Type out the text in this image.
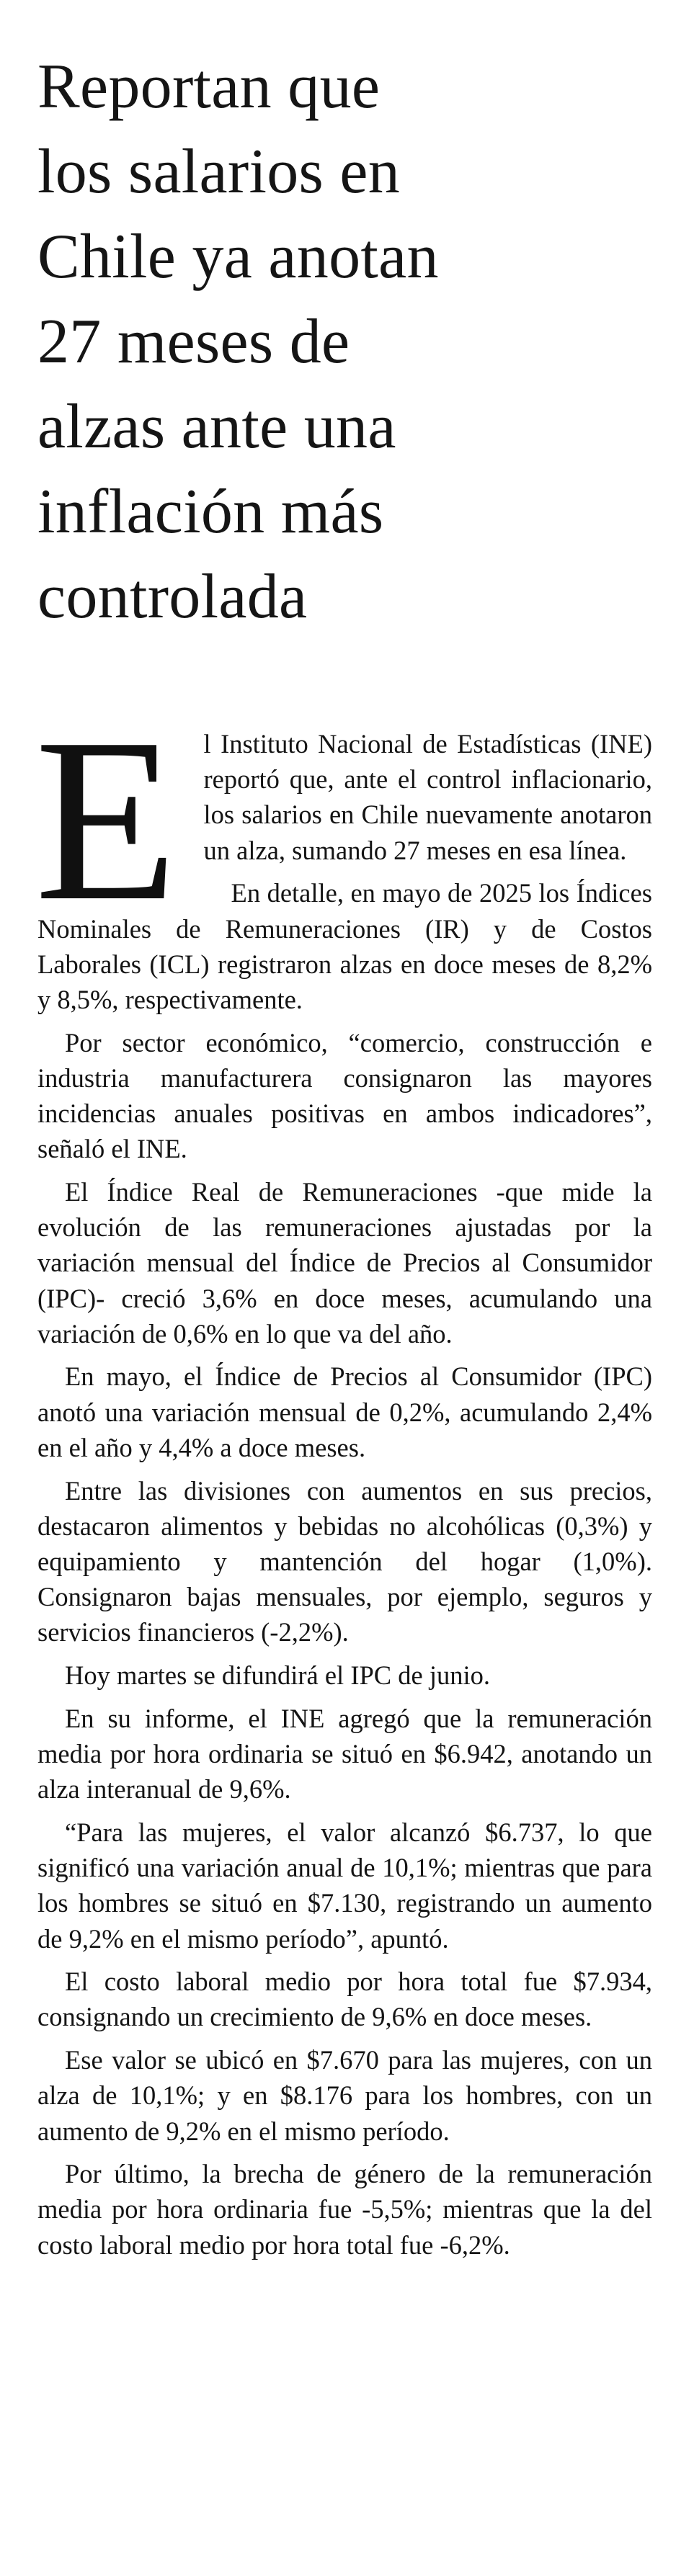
Reportan que
los salarios en
Chile ya anotan
27 meses de
alzas ante una
inflación más
controlada

El Instituto Nacional de Estadísticas (INE) reportó que, ante el control inflacionario, los salarios en Chile nuevamente anotaron un alza, sumando 27 meses en esa línea.

En detalle, en mayo de 2025 los Índices Nominales de Remuneraciones (IR) y de Costos Laborales (ICL) registraron alzas en doce meses de 8,2% y 8,5%, respectivamente.

Por sector económico, “comercio, construcción e industria manufacturera consignaron las mayores incidencias anuales positivas en ambos indicadores”, señaló el INE.

El Índice Real de Remuneraciones -que mide la evolución de las remuneraciones ajustadas por la variación mensual del Índice de Precios al Consumidor (IPC)- creció 3,6% en doce meses, acumulando una variación de 0,6% en lo que va del año.

En mayo, el Índice de Precios al Consumidor (IPC) anotó una variación mensual de 0,2%, acumulando 2,4% en el año y 4,4% a doce meses.

Entre las divisiones con aumentos en sus precios, destacaron alimentos y bebidas no alcohólicas (0,3%) y equipamiento y mantención del hogar (1,0%). Consignaron bajas mensuales, por ejemplo, seguros y servicios financieros (-2,2%).

Hoy martes se difundirá el IPC de junio.

En su informe, el INE agregó que la remuneración media por hora ordinaria se situó en $6.942, anotando un alza interanual de 9,6%.

“Para las mujeres, el valor alcanzó $6.737, lo que significó una variación anual de 10,1%; mientras que para los hombres se situó en $7.130, registrando un aumento de 9,2% en el mismo período”, apuntó.

El costo laboral medio por hora total fue $7.934, consignando un crecimiento de 9,6% en doce meses.

Ese valor se ubicó en $7.670 para las mujeres, con un alza de 10,1%; y en $8.176 para los hombres, con un aumento de 9,2% en el mismo período.

Por último, la brecha de género de la remuneración media por hora ordinaria fue -5,5%; mientras que la del costo laboral medio por hora total fue -6,2%.
